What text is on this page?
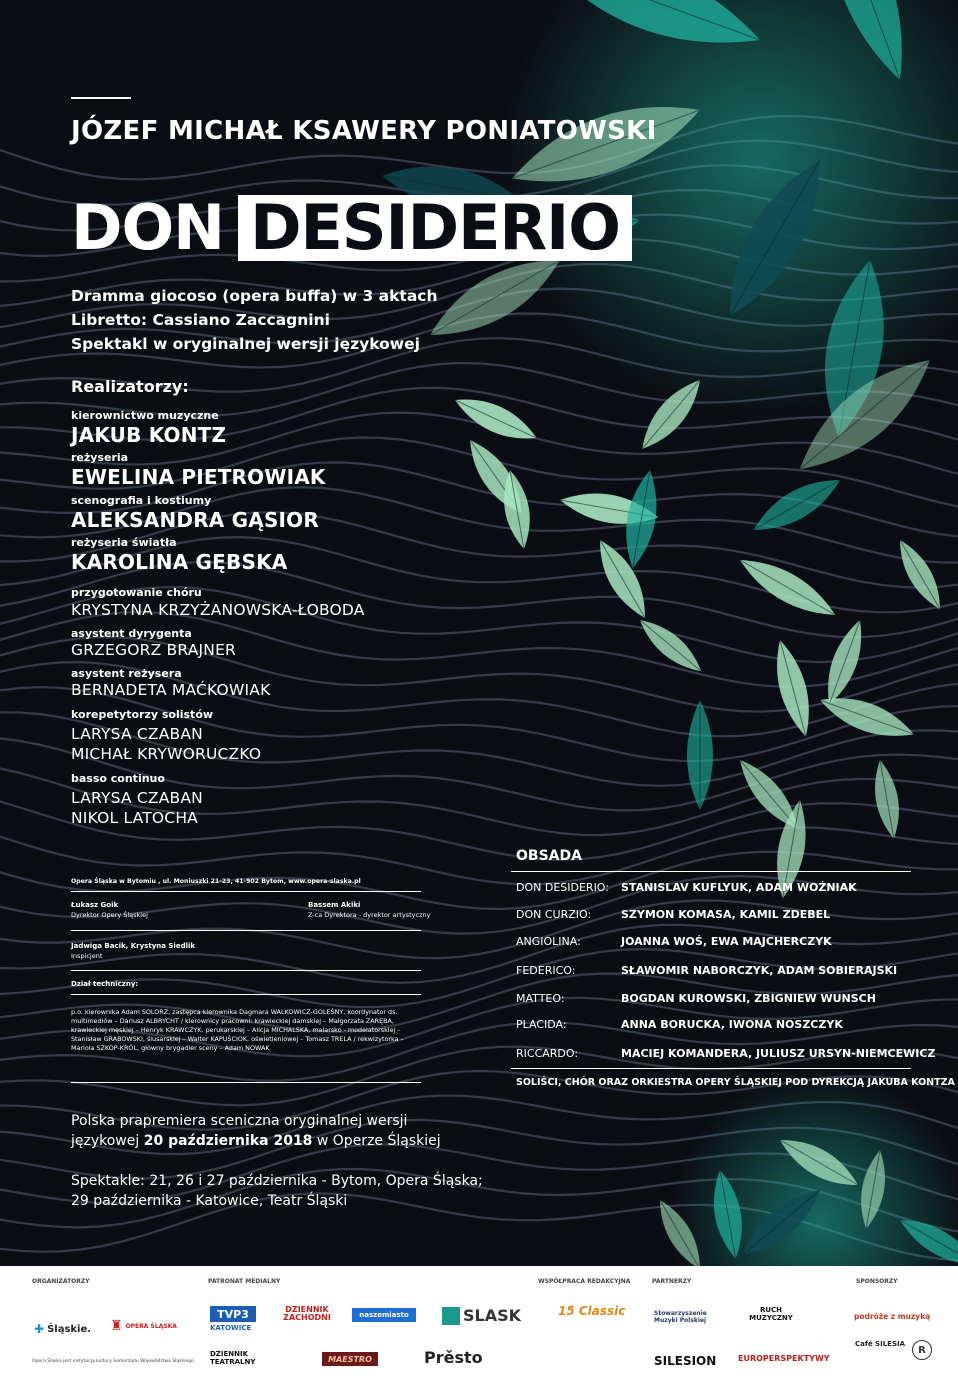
JÓZEF MICHAŁ KSAWERY PONIATOWSKI
DON DESIDERIO
Dramma giocoso (opera buffa) w 3 aktach
Libretto: Cassiano Zaccagnini
Spektakl w oryginalnej wersji językowej
Realizatorzy:
kierownictwo muzyczne
JAKUB KONTZ
reżyseria
EWELINA PIETROWIAK
scenografia i kostiumy
ALEKSANDRA GĄSIOR
reżyseria światła
KAROLINA GĘBSKA
przygotowanie chóru
KRYSTYNA KRZYŻANOWSKA-ŁOBODA
asystent dyrygenta
GRZEGORZ BRAJNER
asystent reżysera
BERNADETA MAĆKOWIAK
korepetytorzy solistów
LARYSA CZABAN
MICHAŁ KRYWORUCZKO
basso continuo
LARYSA CZABAN
NIKOL LATOCHA
Opera Śląska w Bytomiu , ul. Moniuszki 21-23, 41-902 Bytom, www.opera-slaska.pl
Łukasz Goik
Dyrektor Opery Śląskiej
Bassem Akiki
Z-ca Dyrektora - dyrektor artystyczny
Jadwiga Bacik, Krystyna Siedlik
Inspicjent
Dział techniczny:
p.o. kierownika Adam SOLORZ, zastępca kierownika Dagmara WALKOWICZ-GOLEŚNY, koordynator ds. multimediów – Dariusz ALBRYCHT / kierownicy pracowni: krawieckiej damskiej – Małgorzata ZARĘBA, krawieckiej męskiej – Henryk KRAWCZYK, perukarskiej – Alicja MICHALSKA, malarsko - modelatorskiej – Stanisław GRABOWSKI, ślusarskiej – Walter KAPUŚCIOK, oświetleniowej – Tomasz TRELA / rekwizytorka – Mariola SZKOP-KRÓL, główny brygadier sceny – Adam NOWAK
OBSADA
DON DESIDERIO: STANISLAV KUFLYUK, ADAM WOŹNIAK
DON CURZIO:	SZYMON KOMASA, KAMIL ZDEBEL
ANGIOLINA:	JOANNA WOŚ, EWA MAJCHERCZYK
FEDERICO:	SŁAWOMIR NABORCZYK, ADAM SOBIERAJSKI
MATTEO:	BOGDAN KUROWSKI, ZBIGNIEW WUNSCH
PLACIDA:	ANNA BORUCKA, IWONA NOSZCZYK
RICCARDO:	MACIEJ KOMANDERA, JULIUSZ URSYN-NIEMCEWICZ
SOLIŚCI, CHÓR ORAZ ORKIESTRA OPERY ŚLĄSKIEJ POD DYREKCJĄ JAKUBA KONTZA
Polska prapremiera sceniczna oryginalnej wersji
językowej 20 października 2018 w Operze Śląskiej
Spektakle: 21, 26 i 27 października - Bytom, Opera Śląska;
29 października - Katowice, Teatr Śląski
ORGANIZATORZY	PATRONAT MEDIALNY	WSPÓŁPRACA REDAKCYJNA	PARTNERZY	SPONSORZY
✚ Śląskie. ♜ OPERA ŚLĄSKA
Opera Śląska jest instytucją kultury Samorządu Województwa Śląskiego
TVP3
KATOWICE
DZIENNIK ZACHODNI	naszemiasto	SLASK
DZIENNIK TEATRALNY	MAESTRO	Prěsto
15 Classic	Stowarzyszenie Muzyki Polskiej
RUCH MUZYCZNY
SILESION	EUROPERSPEKTYWY
podróże z muzyką
Café SILESIA
R
